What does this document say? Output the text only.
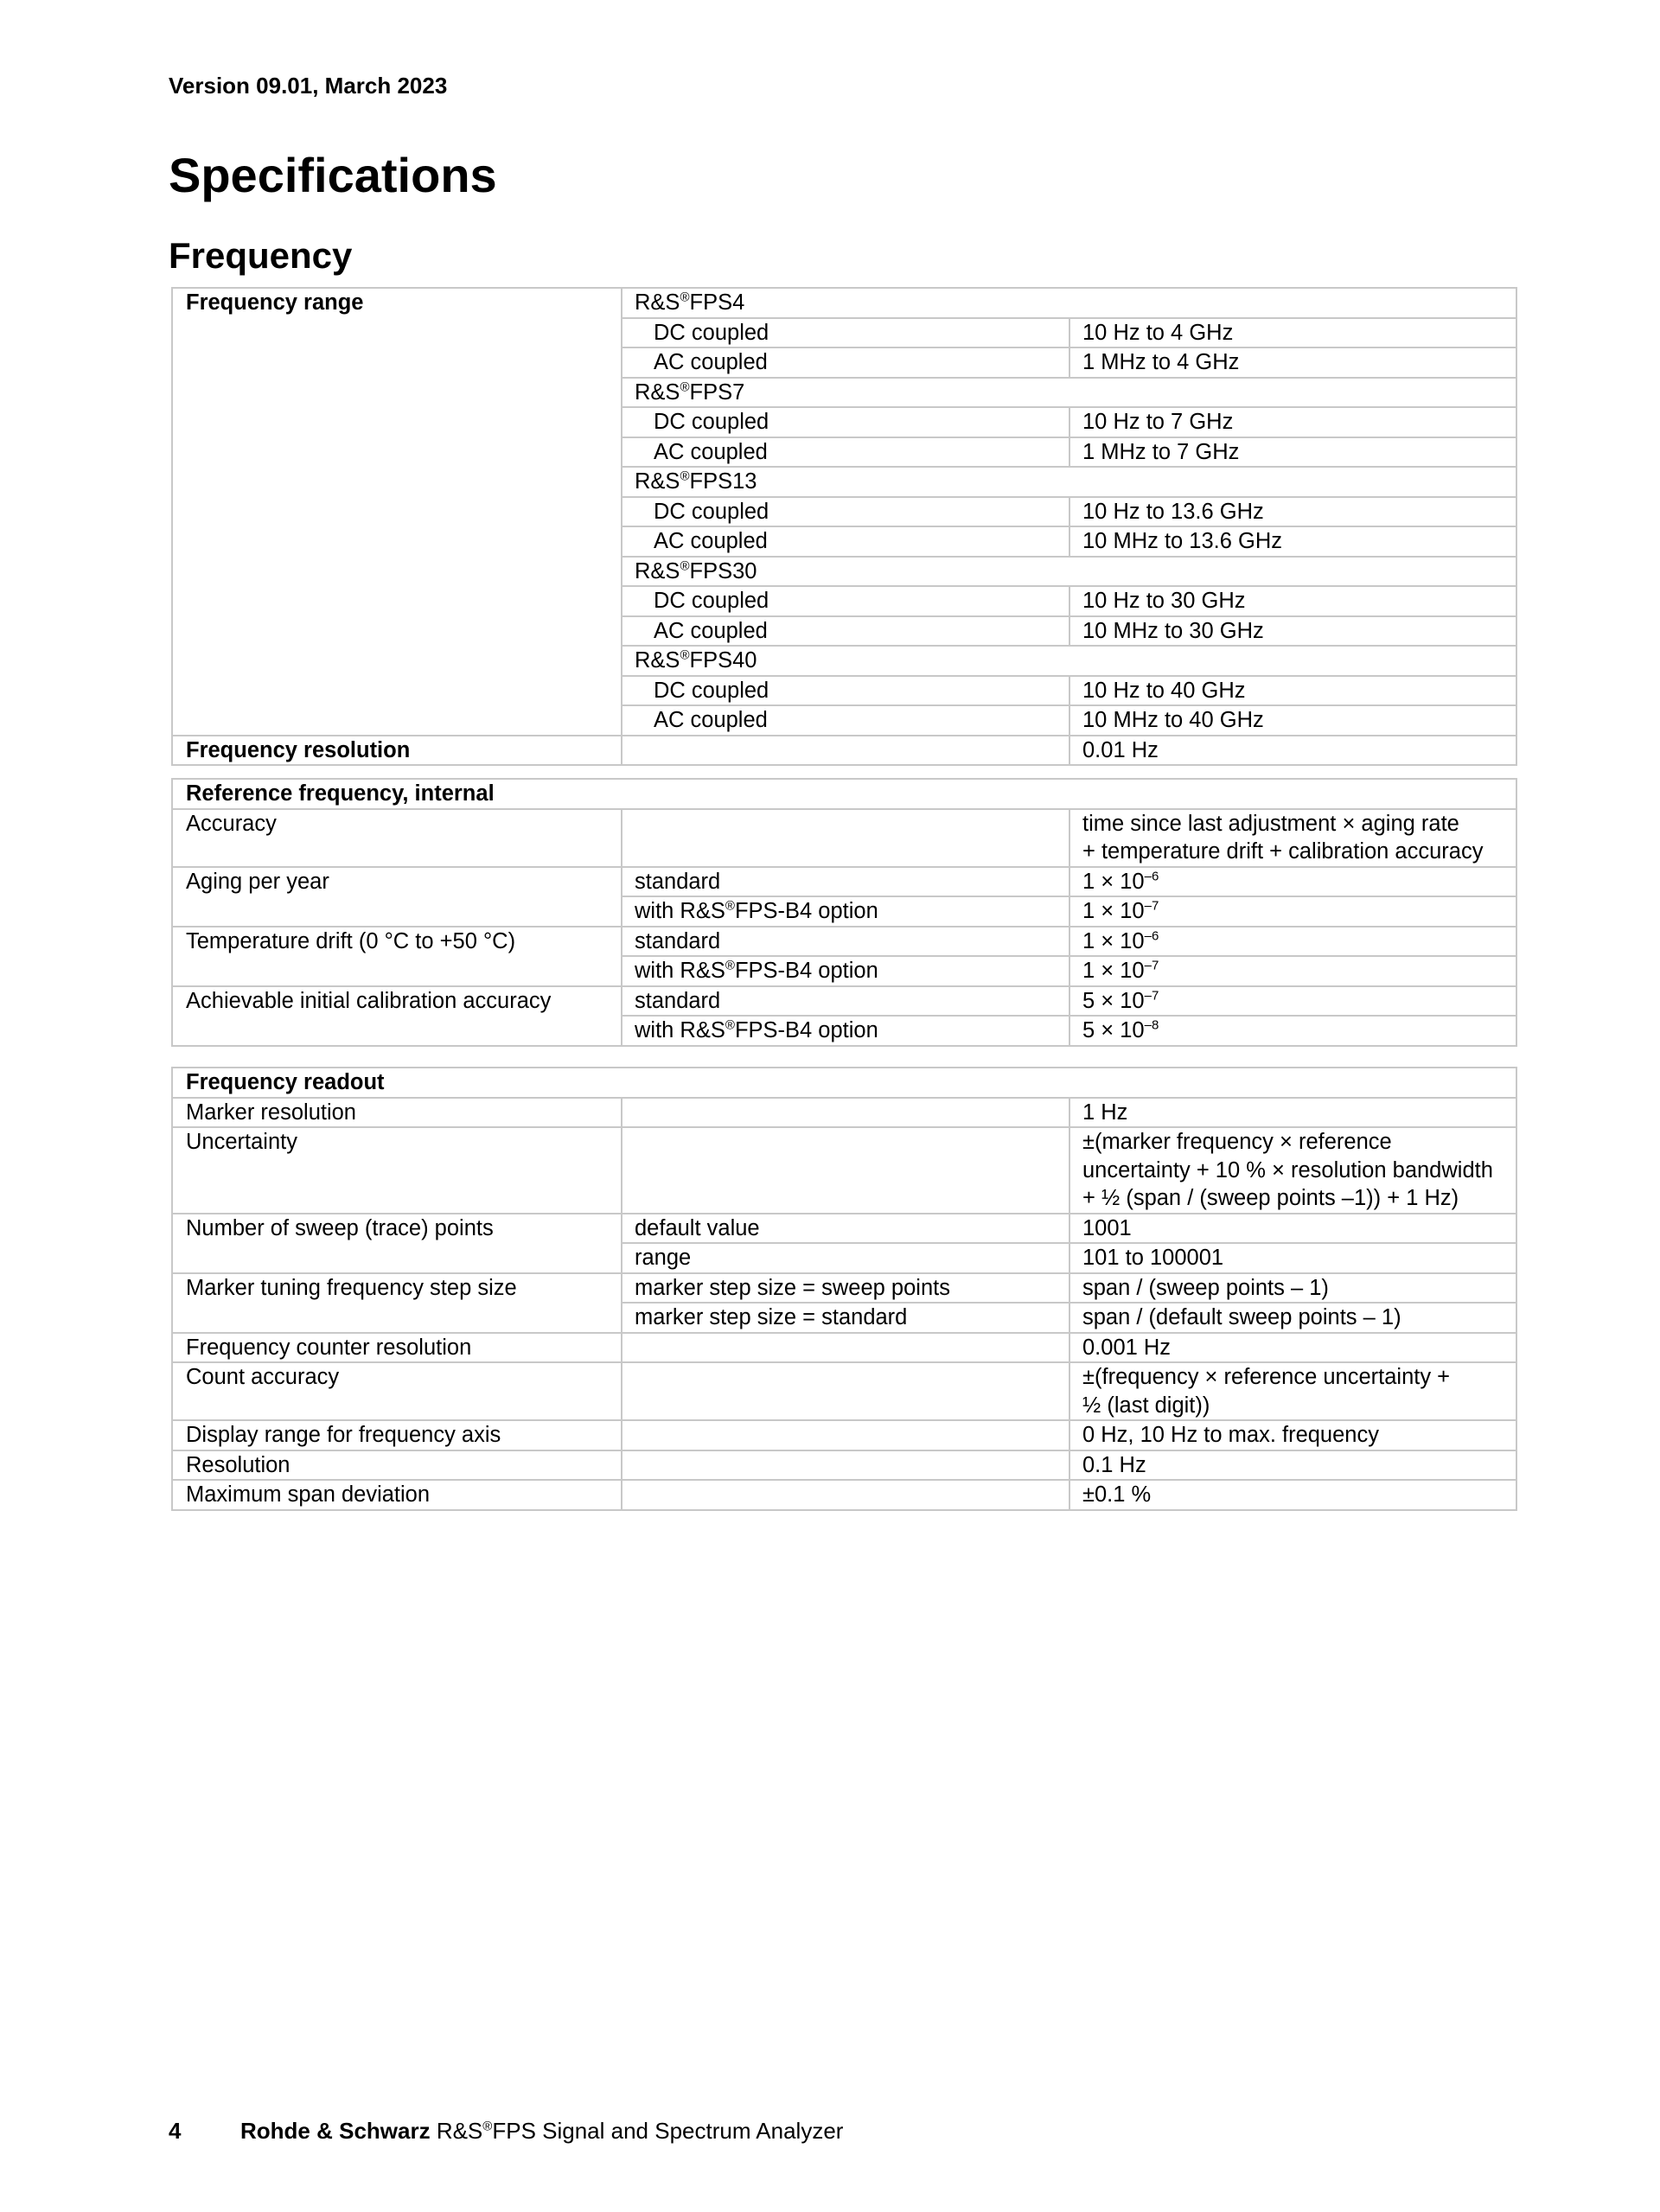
Version 09.01, March 2023
Specifications
Frequency
Frequency range	R&S®FPS4	
	DC coupled	10 Hz to 4 GHz
	AC coupled	1 MHz to 4 GHz
	R&S®FPS7	
	DC coupled	10 Hz to 7 GHz
	AC coupled	1 MHz to 7 GHz
	R&S®FPS13	
	DC coupled	10 Hz to 13.6 GHz
	AC coupled	10 MHz to 13.6 GHz
	R&S®FPS30	
	DC coupled	10 Hz to 30 GHz
	AC coupled	10 MHz to 30 GHz
	R&S®FPS40	
	DC coupled	10 Hz to 40 GHz
	AC coupled	10 MHz to 40 GHz
Frequency resolution		0.01 Hz
Reference frequency, internal		
Accuracy		time since last adjustment × aging rate
+ temperature drift + calibration accuracy
Aging per year	standard	$1 \times 10^{-6}$
	with R&S®FPS-B4 option	$1 \times 10^{-7}$
Temperature drift (0 °C to +50 °C)	standard	$1 \times 10^{-6}$
	with R&S®FPS-B4 option	$1 \times 10^{-7}$
Achievable initial calibration accuracy	standard	$5 \times 10^{-7}$
	with R&S®FPS-B4 option	$5 \times 10^{-8}$
Frequency readout		
Marker resolution		1 Hz
Uncertainty		±(marker frequency × reference
uncertainty + 10 % × resolution bandwidth
+ ½ (span / (sweep points –1)) + 1 Hz)
Number of sweep (trace) points	default value	1001
	range	101 to 100001
Marker tuning frequency step size	marker step size = sweep points	span / (sweep points – 1)
	marker step size = standard	span / (default sweep points – 1)
Frequency counter resolution		0.001 Hz
Count accuracy		±(frequency × reference uncertainty +
½ (last digit))
Display range for frequency axis		0 Hz, 10 Hz to max. frequency
Resolution		0.1 Hz
Maximum span deviation		±0.1 %
4	Rohde & Schwarz R&S®FPS Signal and Spectrum Analyzer
